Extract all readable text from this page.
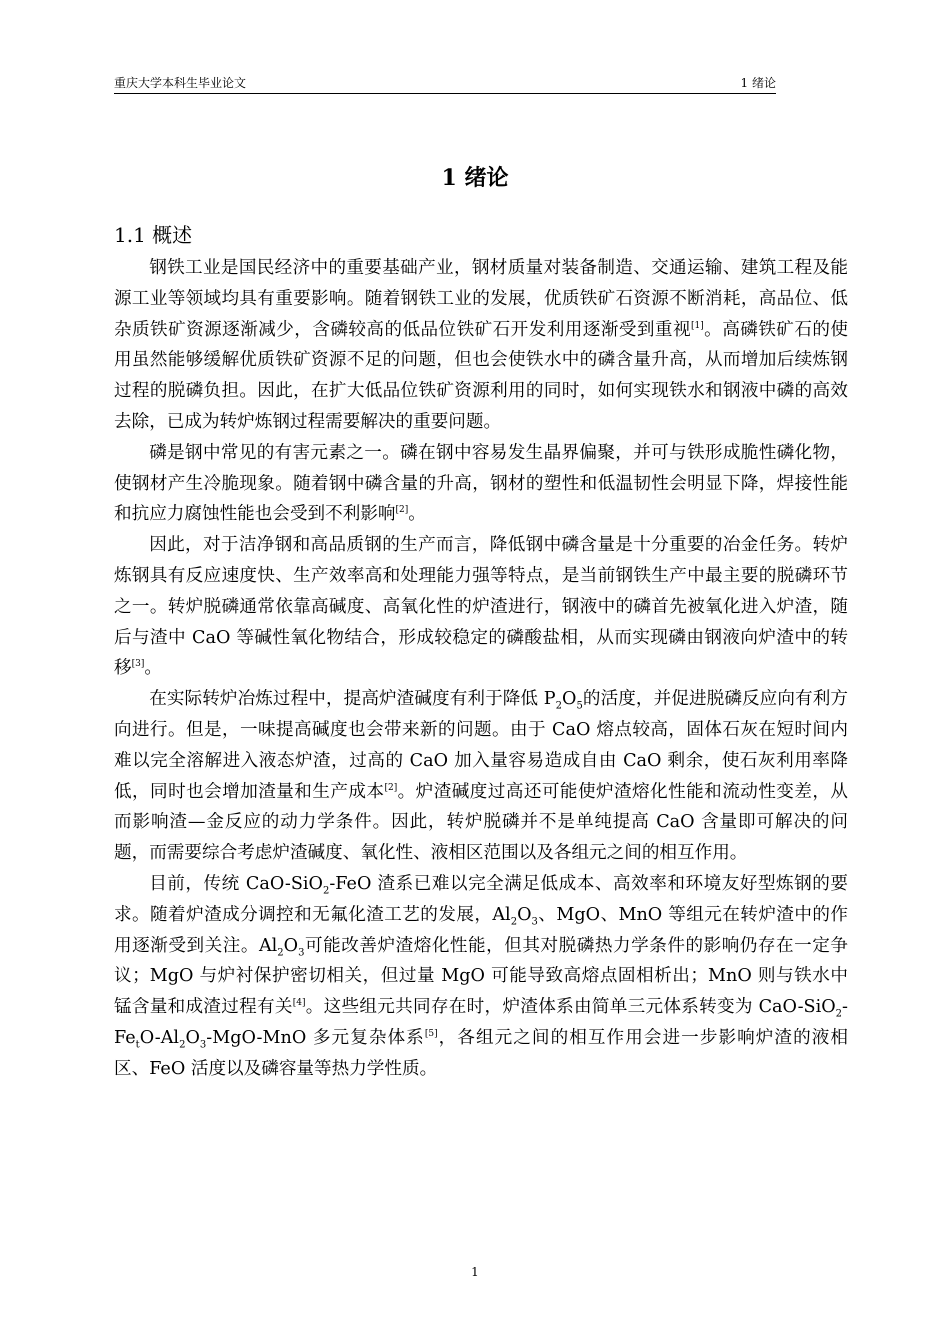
重庆大学本科生毕业论文	1 绪论
1 绪论
1.1 概述

钢铁工业是国民经济中的重要基础产业，钢材质量对装备制造、交通运输、建筑工程及能源工业等领域均具有重要影响。随着钢铁工业的发展，优质铁矿石资源不断消耗，高品位、低杂质铁矿资源逐渐减少，含磷较高的低品位铁矿石开发利用逐渐受到重视[1]。高磷铁矿石的使用虽然能够缓解优质铁矿资源不足的问题，但也会使铁水中的磷含量升高，从而增加后续炼钢过程的脱磷负担。因此，在扩大低品位铁矿资源利用的同时，如何实现铁水和钢液中磷的高效去除，已成为转炉炼钢过程需要解决的重要问题。

磷是钢中常见的有害元素之一。磷在钢中容易发生晶界偏聚，并可与铁形成脆性磷化物，使钢材产生冷脆现象。随着钢中磷含量的升高，钢材的塑性和低温韧性会明显下降，焊接性能和抗应力腐蚀性能也会受到不利影响[2]。

因此，对于洁净钢和高品质钢的生产而言，降低钢中磷含量是十分重要的冶金任务。转炉炼钢具有反应速度快、生产效率高和处理能力强等特点，是当前钢铁生产中最主要的脱磷环节之一。转炉脱磷通常依靠高碱度、高氧化性的炉渣进行，钢液中的磷首先被氧化进入炉渣，随后与渣中 CaO 等碱性氧化物结合，形成较稳定的磷酸盐相，从而实现磷由钢液向炉渣中的转移[3]。

在实际转炉冶炼过程中，提高炉渣碱度有利于降低 $P_2O_5$的活度，并促进脱磷反应向有利方向进行。但是，一味提高碱度也会带来新的问题。由于 CaO 熔点较高，固体石灰在短时间内难以完全溶解进入液态炉渣，过高的 CaO 加入量容易造成自由 CaO 剩余，使石灰利用率降低，同时也会增加渣量和生产成本[2]。炉渣碱度过高还可能使炉渣熔化性能和流动性变差，从而影响渣—金反应的动力学条件。因此，转炉脱磷并不是单纯提高 CaO 含量即可解决的问题，而需要综合考虑炉渣碱度、氧化性、液相区范围以及各组元之间的相互作用。

目前，传统 CaO-SiO$_2$-FeO 渣系已难以完全满足低成本、高效率和环境友好型炼钢的要求。随着炉渣成分调控和无氟化渣工艺的发展，$Al_2O_3$、MgO、MnO 等组元在转炉渣中的作用逐渐受到关注。$Al_2O_3$可能改善炉渣熔化性能，但其对脱磷热力学条件的影响仍存在一定争议；MgO 与炉衬保护密切相关，但过量 MgO 可能导致高熔点固相析出；MnO 则与铁水中锰含量和成渣过程有关[4]。这些组元共同存在时，炉渣体系由简单三元体系转变为 CaO-$SiO_2-Fe_tO-Al_2O_3-MgO$-MnO 多元复杂体系[5]，各组元之间的相互作用会进一步影响炉渣的液相区、FeO 活度以及磷容量等热力学性质。

1
